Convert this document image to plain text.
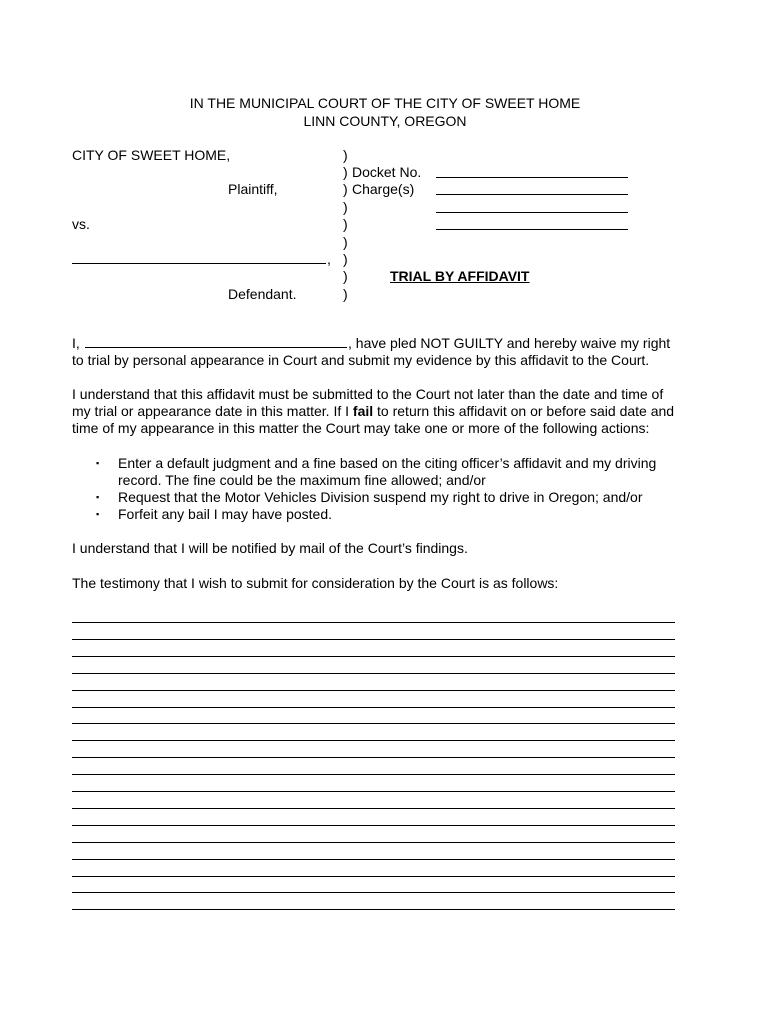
IN THE MUNICIPAL COURT OF THE CITY OF SWEET HOME
LINN COUNTY, OREGON
CITY OF SWEET HOME,
Plaintiff,
vs.
,
Defendant.
)
)
)
)
)
)
)
)
)
Docket No.
Charge(s)
TRIAL BY AFFIDAVIT
I,	, have pled NOT GUILTY and hereby waive my right
to trial by personal appearance in Court and submit my evidence by this affidavit to the Court.
I understand that this affidavit must be submitted to the Court not later than the date and time of
my trial or appearance date in this matter. If I fail to return this affidavit on or before said date and
time of my appearance in this matter the Court may take one or more of the following actions:
▪ Enter a default judgment and a fine based on the citing officer’s affidavit and my driving
record. The fine could be the maximum fine allowed; and/or
▪ Request that the Motor Vehicles Division suspend my right to drive in Oregon; and/or
▪ Forfeit any bail I may have posted.
I understand that I will be notified by mail of the Court’s findings.
The testimony that I wish to submit for consideration by the Court is as follows:
